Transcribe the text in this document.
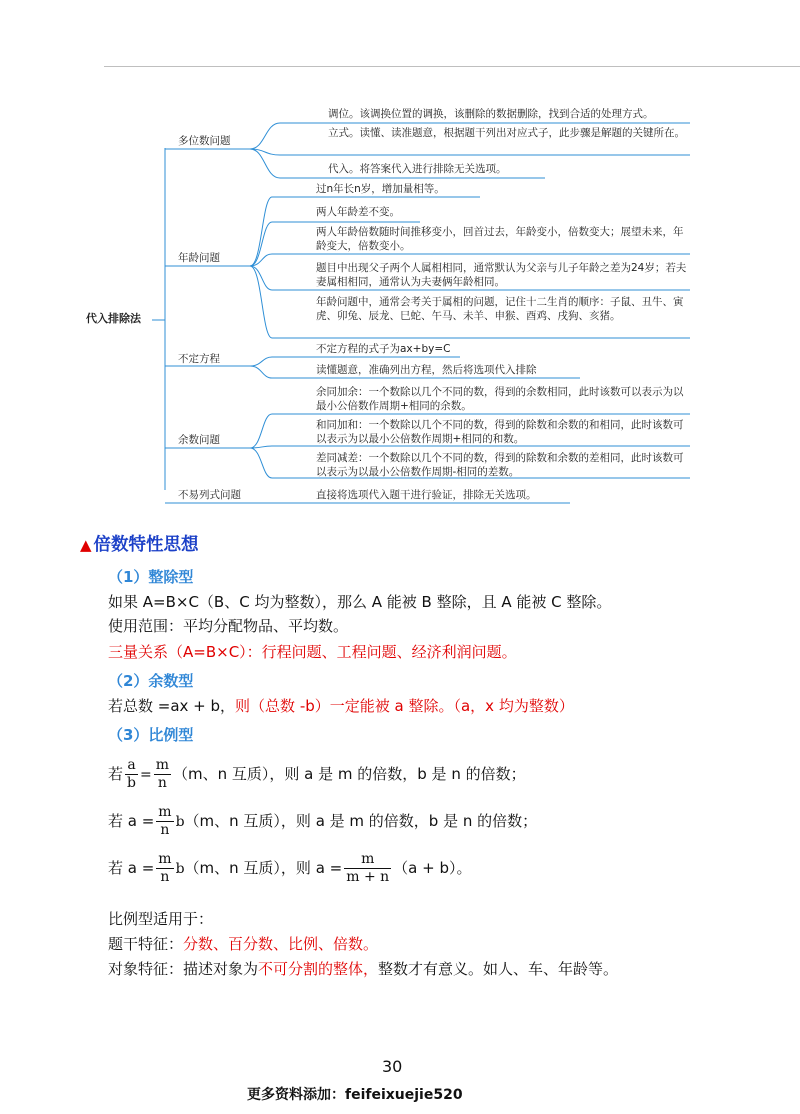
代入排除法
多位数问题
年龄问题
不定方程
余数问题
不易列式问题
调位。该调换位置的调换，该删除的数据删除，找到合适的处理方式。
立式。读懂、读准题意，根据题干列出对应式子，此步骤是解题的关键所在。
代入。将答案代入进行排除无关选项。
过n年长n岁，增加量相等。
两人年龄差不变。
两人年龄倍数随时间推移变小，回首过去，年龄变小，倍数变大；展望未来，年龄变大，倍数变小。
题目中出现父子两个人属相相同，通常默认为父亲与儿子年龄之差为24岁；若夫妻属相相同，通常认为夫妻俩年龄相同。
年龄问题中，通常会考关于属相的问题，记住十二生肖的顺序：子鼠、丑牛、寅虎、卯兔、辰龙、巳蛇、午马、未羊、申猴、酉鸡、戌狗、亥猪。
不定方程的式子为ax+by=C
读懂题意，准确列出方程，然后将选项代入排除
余同加余：一个数除以几个不同的数，得到的余数相同，此时该数可以表示为以最小公倍数作周期+相同的余数。
和同加和：一个数除以几个不同的数，得到的除数和余数的和相同，此时该数可以表示为以最小公倍数作周期+相同的和数。
差同减差：一个数除以几个不同的数，得到的除数和余数的差相同，此时该数可以表示为以最小公倍数作周期-相同的差数。
直接将选项代入题干进行验证，排除无关选项。
▲ 倍数特性思想
（1）整除型
如果 A=B×C（B、C 均为整数），那么 A 能被 B 整除，且 A 能被 C 整除。
使用范围：平均分配物品、平均数。
三量关系（A=B×C）：行程问题、工程问题、经济利润问题。
（2）余数型
若总数 =ax + b，则（总数 -b）一定能被 a 整除。（a，x 均为整数）
（3）比例型
若 $\frac{a}{b} = \frac{m}{n} (m$、n 互质），则 a 是 m 的倍数，b 是 n 的倍数；
若 $a = \frac{m}{n} b(m$、n 互质），则 a 是 m 的倍数，b 是 n 的倍数；
若 $a = \frac{m}{n} b(m$、n 互质），则 $a = \frac{m}{m + n} (a + b)$。
比例型适用于：
题干特征：分数、百分数、比例、倍数。
对象特征：描述对象为不可分割的整体，整数才有意义。如人、车、年龄等。
30
更多资料添加：feifeixuejie520
